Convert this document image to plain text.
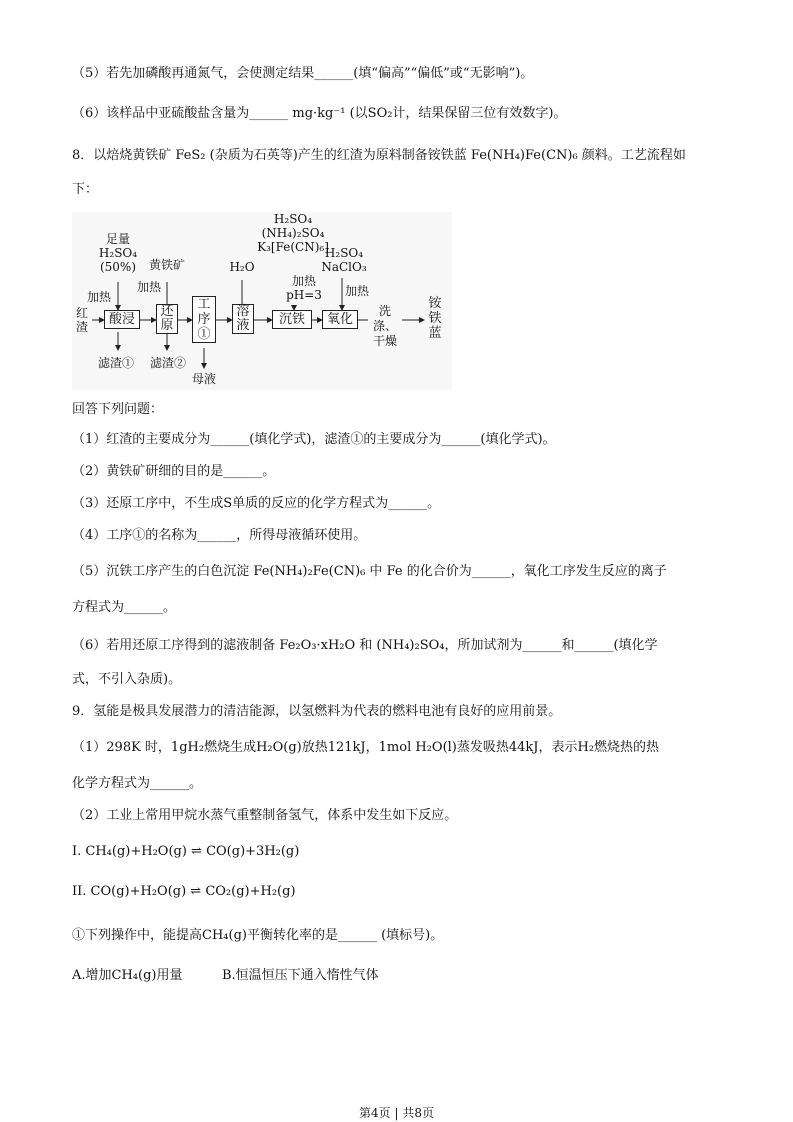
（5）若先加磷酸再通氮气，会使测定结果______(填“偏高”“偏低”或“无影响”)。
（6）该样品中亚硫酸盐含量为______ mg·kg⁻¹ (以SO₂计，结果保留三位有效数字)。
8．以焙烧黄铁矿 FeS₂ (杂质为石英等)产生的红渣为原料制备铵铁蓝 Fe(NH₄)Fe(CN)₆ 颜料。工艺流程如
下：
红渣	酸浸
足量
H₂SO₄
(50%)
加热
滤渣①
还原
黄铁矿
加热
滤渣②
工序①
母液
溶液
H₂O
沉铁
H₂SO₄
(NH₄)₂SO₄
K₃[Fe(CN)₆]
加热
pH=3
氧化
H₂SO₄
NaClO₃
加热
洗涤、干燥
铵铁蓝
回答下列问题：
（1）红渣的主要成分为______(填化学式)，滤渣①的主要成分为______(填化学式)。
（2）黄铁矿研细的目的是______。
（3）还原工序中，不生成S单质的反应的化学方程式为______。
（4）工序①的名称为______，所得母液循环使用。
（5）沉铁工序产生的白色沉淀 Fe(NH₄)₂Fe(CN)₆ 中 Fe 的化合价为______，氧化工序发生反应的离子
方程式为______。
（6）若用还原工序得到的滤液制备 Fe₂O₃·xH₂O 和 (NH₄)₂SO₄，所加试剂为______和______(填化学
式，不引入杂质)。
9．氢能是极具发展潜力的清洁能源，以氢燃料为代表的燃料电池有良好的应用前景。
（1）298K 时，1gH₂燃烧生成H₂O(g)放热121kJ，1mol H₂O(l)蒸发吸热44kJ，表示H₂燃烧热的热
化学方程式为______。
（2）工业上常用甲烷水蒸气重整制备氢气，体系中发生如下反应。
I. CH₄(g)+H₂O(g) ⇌ CO(g)+3H₂(g)
II. CO(g)+H₂O(g) ⇌ CO₂(g)+H₂(g)
①下列操作中，能提高CH₄(g)平衡转化率的是______ (填标号)。
A.增加CH₄(g)用量	B.恒温恒压下通入惰性气体
第4页 | 共8页
